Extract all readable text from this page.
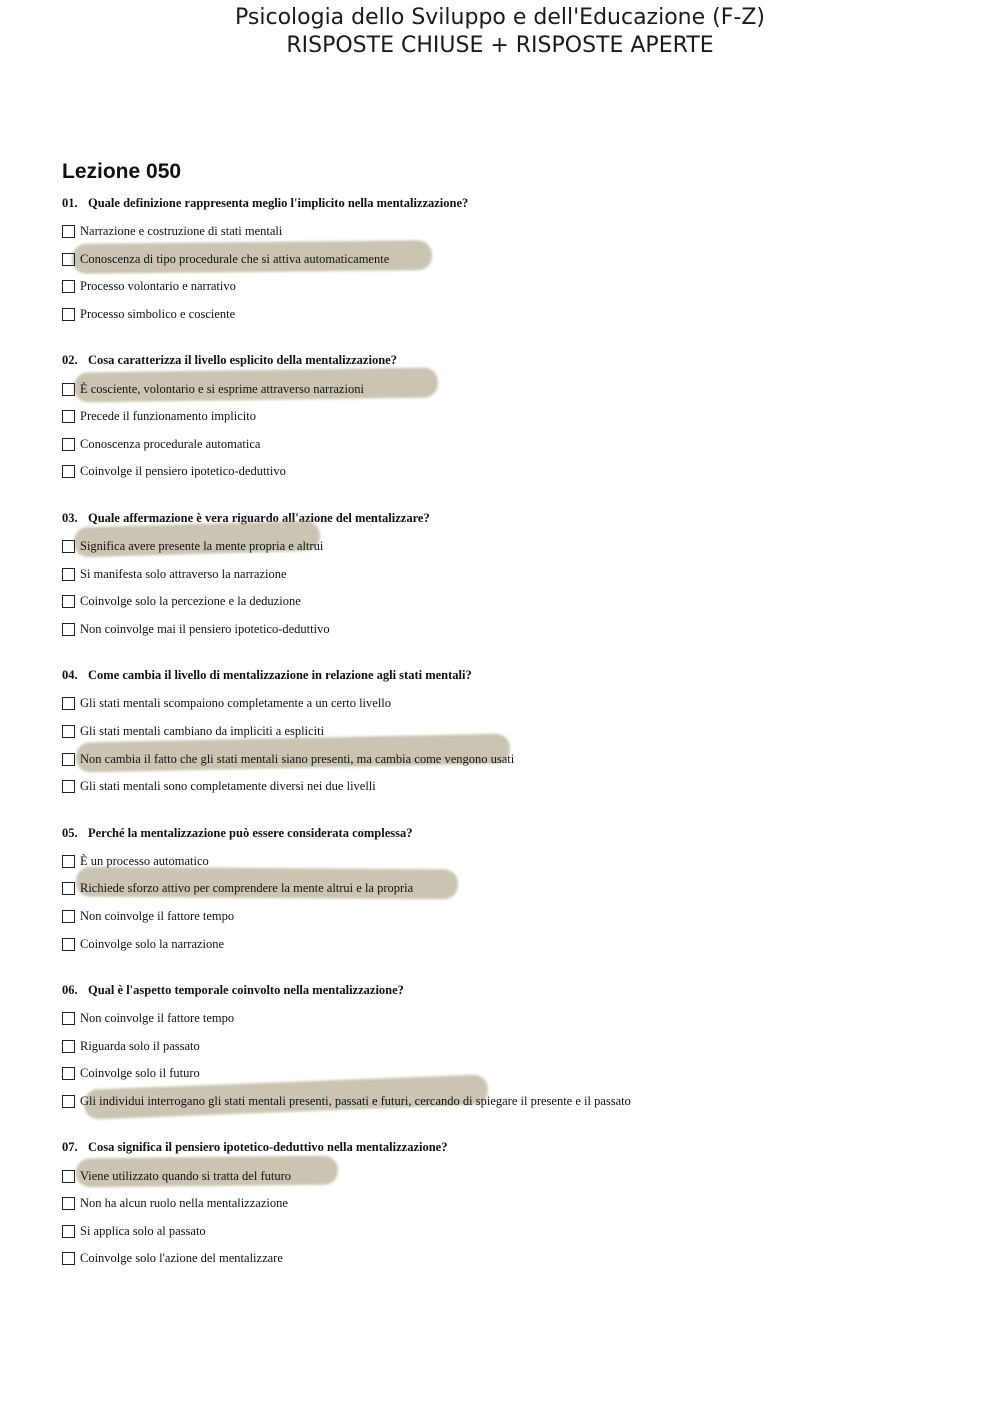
Psicologia dello Sviluppo e dell'Educazione (F-Z)
RISPOSTE CHIUSE + RISPOSTE APERTE
Lezione 050
01. Quale definizione rappresenta meglio l'implicito nella mentalizzazione?
Narrazione e costruzione di stati mentali
Conoscenza di tipo procedurale che si attiva automaticamente
Processo volontario e narrativo
Processo simbolico e cosciente
02. Cosa caratterizza il livello esplicito della mentalizzazione?
È cosciente, volontario e si esprime attraverso narrazioni
Precede il funzionamento implicito
Conoscenza procedurale automatica
Coinvolge il pensiero ipotetico-deduttivo
03. Quale affermazione è vera riguardo all'azione del mentalizzare?
Significa avere presente la mente propria e altrui
Si manifesta solo attraverso la narrazione
Coinvolge solo la percezione e la deduzione
Non coinvolge mai il pensiero ipotetico-deduttivo
04. Come cambia il livello di mentalizzazione in relazione agli stati mentali?
Gli stati mentali scompaiono completamente a un certo livello
Gli stati mentali cambiano da impliciti a espliciti
Non cambia il fatto che gli stati mentali siano presenti, ma cambia come vengono usati
Gli stati mentali sono completamente diversi nei due livelli
05. Perché la mentalizzazione può essere considerata complessa?
È un processo automatico
Richiede sforzo attivo per comprendere la mente altrui e la propria
Non coinvolge il fattore tempo
Coinvolge solo la narrazione
06. Qual è l'aspetto temporale coinvolto nella mentalizzazione?
Non coinvolge il fattore tempo
Riguarda solo il passato
Coinvolge solo il futuro
Gli individui interrogano gli stati mentali presenti, passati e futuri, cercando di spiegare il presente e il passato
07. Cosa significa il pensiero ipotetico-deduttivo nella mentalizzazione?
Viene utilizzato quando si tratta del futuro
Non ha alcun ruolo nella mentalizzazione
Si applica solo al passato
Coinvolge solo l'azione del mentalizzare
